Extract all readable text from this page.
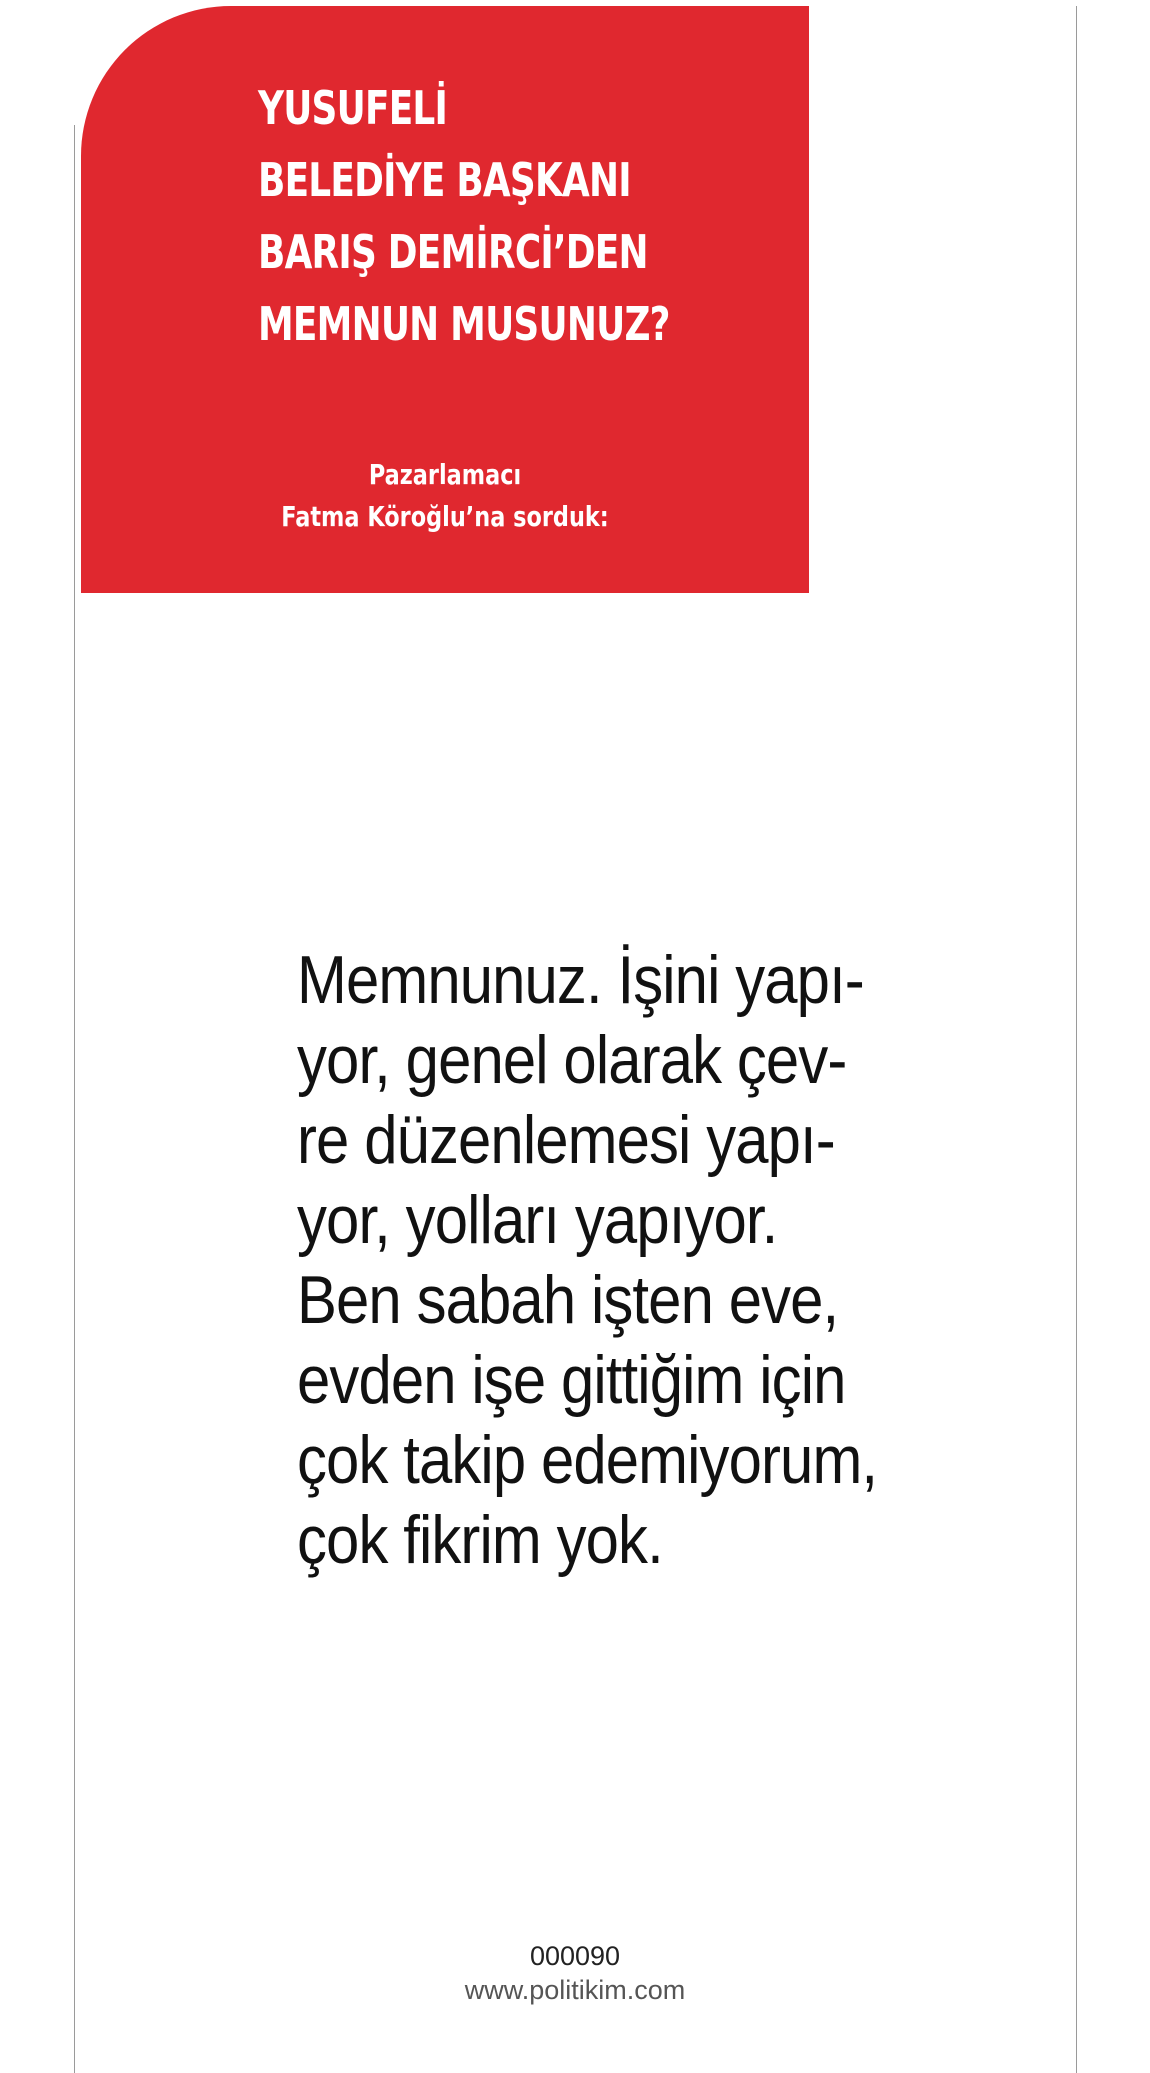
YUSUFELİ
BELEDİYE BAŞKANI
BARIŞ DEMİRCİ’DEN
MEMNUN MUSUNUZ?
Pazarlamacı
Fatma Köroğlu’na sorduk:

Memnunuz. İşini yapı-
yor, genel olarak çev-
re düzenlemesi yapı-
yor, yolları yapıyor.
Ben sabah işten eve,
evden işe gittiğim için
çok takip edemiyorum,
çok fikrim yok.

000090
www.politikim.com
